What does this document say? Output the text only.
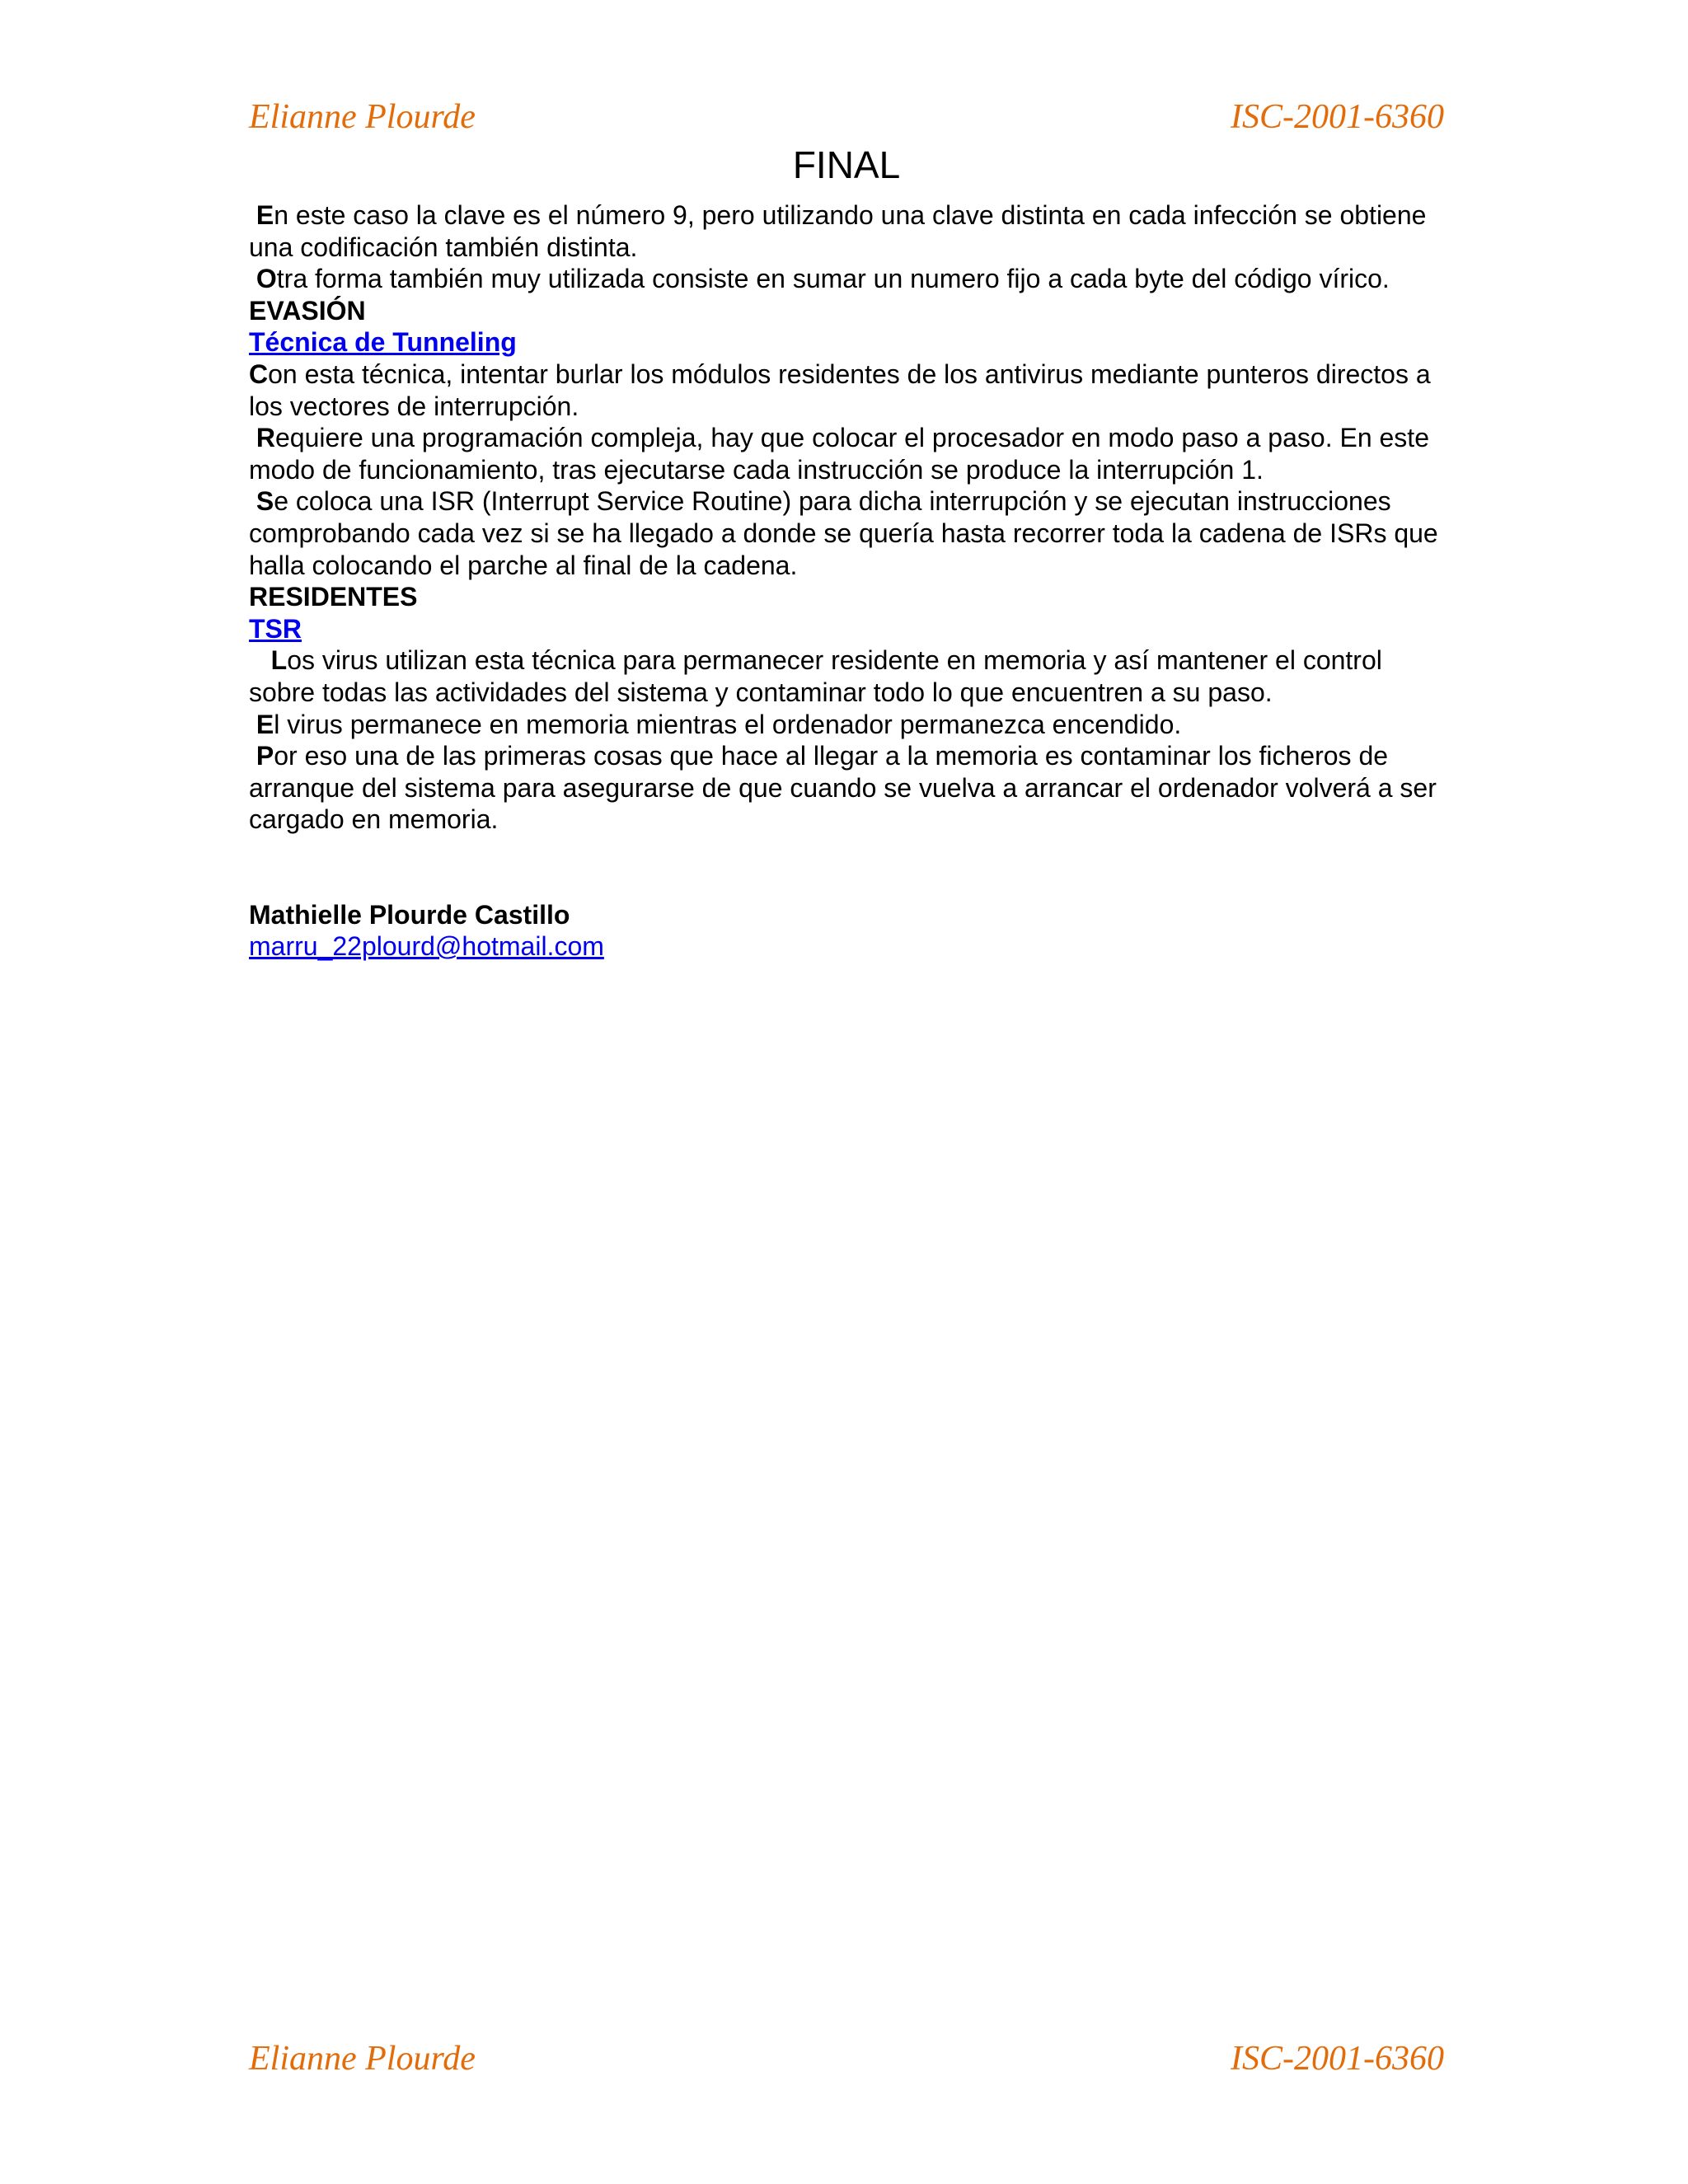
Elianne Plourde	ISC-2001-6360
FINAL

En este caso la clave es el número 9, pero utilizando una clave distinta en cada infección se obtiene una codificación también distinta.

Otra forma también muy utilizada consiste en sumar un numero fijo a cada byte del código vírico.

EVASIÓN

Técnica de Tunneling

Con esta técnica, intentar burlar los módulos residentes de los antivirus mediante punteros directos a los vectores de interrupción.

Requiere una programación compleja, hay que colocar el procesador en modo paso a paso. En este modo de funcionamiento, tras ejecutarse cada instrucción se produce la interrupción 1.

Se coloca una ISR (Interrupt Service Routine) para dicha interrupción y se ejecutan instrucciones comprobando cada vez si se ha llegado a donde se quería hasta recorrer toda la cadena de ISRs que halla colocando el parche al final de la cadena.

RESIDENTES

TSR

Los virus utilizan esta técnica para permanecer residente en memoria y así mantener el control sobre todas las actividades del sistema y contaminar todo lo que encuentren a su paso.

El virus permanece en memoria mientras el ordenador permanezca encendido.

Por eso una de las primeras cosas que hace al llegar a la memoria es contaminar los ficheros de arranque del sistema para asegurarse de que cuando se vuelva a arrancar el ordenador volverá a ser cargado en memoria.

Mathielle Plourde Castillo

marru_22plourd@hotmail.com

Elianne Plourde	ISC-2001-6360
